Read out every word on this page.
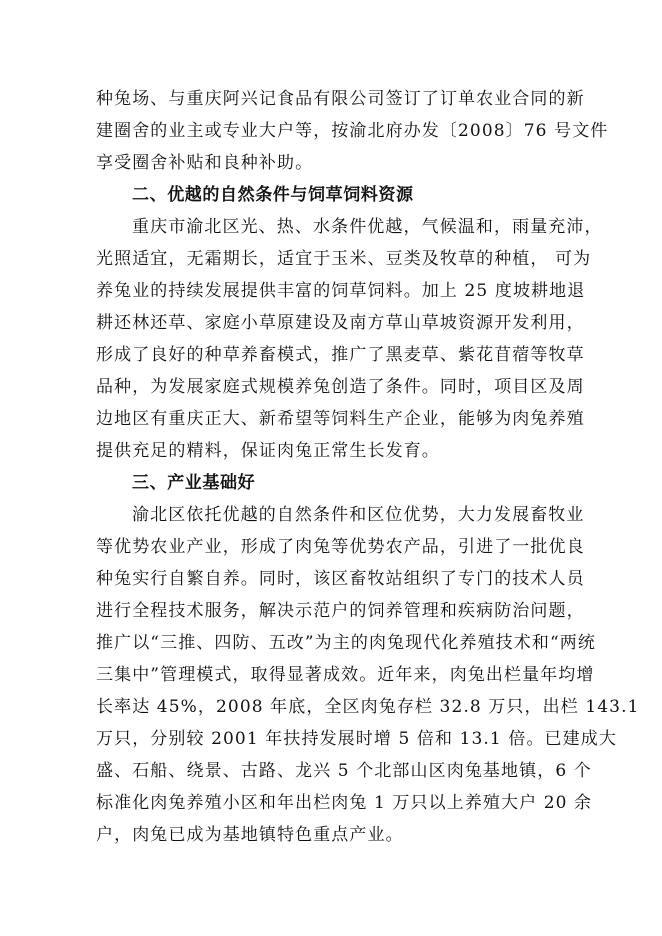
种兔场、与重庆阿兴记食品有限公司签订了订单农业合同的新
建圈舍的业主或专业大户等，按渝北府办发〔2008〕76 号文件
享受圈舍补贴和良种补助。
二、优越的自然条件与饲草饲料资源
重庆市渝北区光、热、水条件优越，气候温和，雨量充沛，
光照适宜，无霜期长，适宜于玉米、豆类及牧草的种植， 可为
养兔业的持续发展提供丰富的饲草饲料。加上 25 度坡耕地退
耕还林还草、家庭小草原建设及南方草山草坡资源开发利用，
形成了良好的种草养畜模式，推广了黑麦草、紫花苜蓿等牧草
品种，为发展家庭式规模养兔创造了条件。同时，项目区及周
边地区有重庆正大、新希望等饲料生产企业，能够为肉兔养殖
提供充足的精料，保证肉兔正常生长发育。
三、产业基础好
渝北区依托优越的自然条件和区位优势，大力发展畜牧业
等优势农业产业，形成了肉兔等优势农产品，引进了一批优良
种兔实行自繁自养。同时，该区畜牧站组织了专门的技术人员
进行全程技术服务，解决示范户的饲养管理和疾病防治问题，
推广以“三推、四防、五改”为主的肉兔现代化养殖技术和“两统
三集中”管理模式，取得显著成效。近年来，肉兔出栏量年均增
长率达 45%，2008 年底，全区肉兔存栏 32.8 万只，出栏 143.1
万只，分别较 2001 年扶持发展时增 5 倍和 13.1 倍。已建成大
盛、石船、绕景、古路、龙兴 5 个北部山区肉兔基地镇，6 个
标准化肉兔养殖小区和年出栏肉兔 1 万只以上养殖大户 20 余
户，肉兔已成为基地镇特色重点产业。
